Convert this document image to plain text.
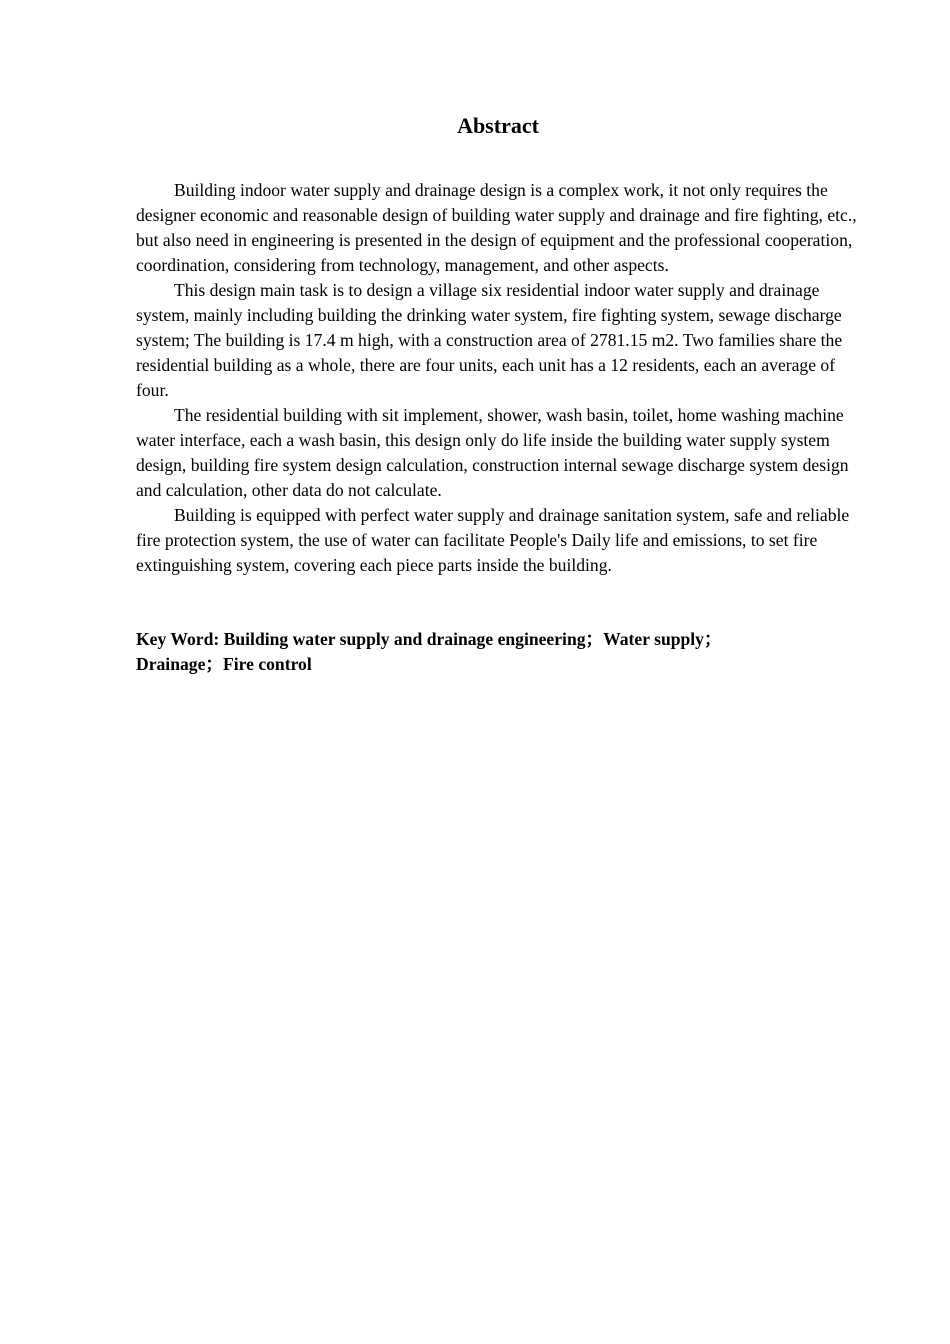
Abstract

Building indoor water supply and drainage design is a complex work, it not only requires the designer economic and reasonable design of building water supply and drainage and fire fighting, etc., but also need in engineering is presented in the design of equipment and the professional cooperation, coordination, considering from technology, management, and other aspects.

This design main task is to design a village six residential indoor water supply and drainage system, mainly including building the drinking water system, fire fighting system, sewage discharge system; The building is 17.4 m high, with a construction area of 2781.15 m2. Two families share the residential building as a whole, there are four units, each unit has a 12 residents, each an average of four.

The residential building with sit implement, shower, wash basin, toilet, home washing machine water interface, each a wash basin, this design only do life inside the building water supply system design, building fire system design calculation, construction internal sewage discharge system design and calculation, other data do not calculate.

Building is equipped with perfect water supply and drainage sanitation system, safe and reliable fire protection system, the use of water can facilitate People's Daily life and emissions, to set fire extinguishing system, covering each piece parts inside the building.

Key Word: Building water supply and drainage engineering；Water supply；
Drainage；Fire control
